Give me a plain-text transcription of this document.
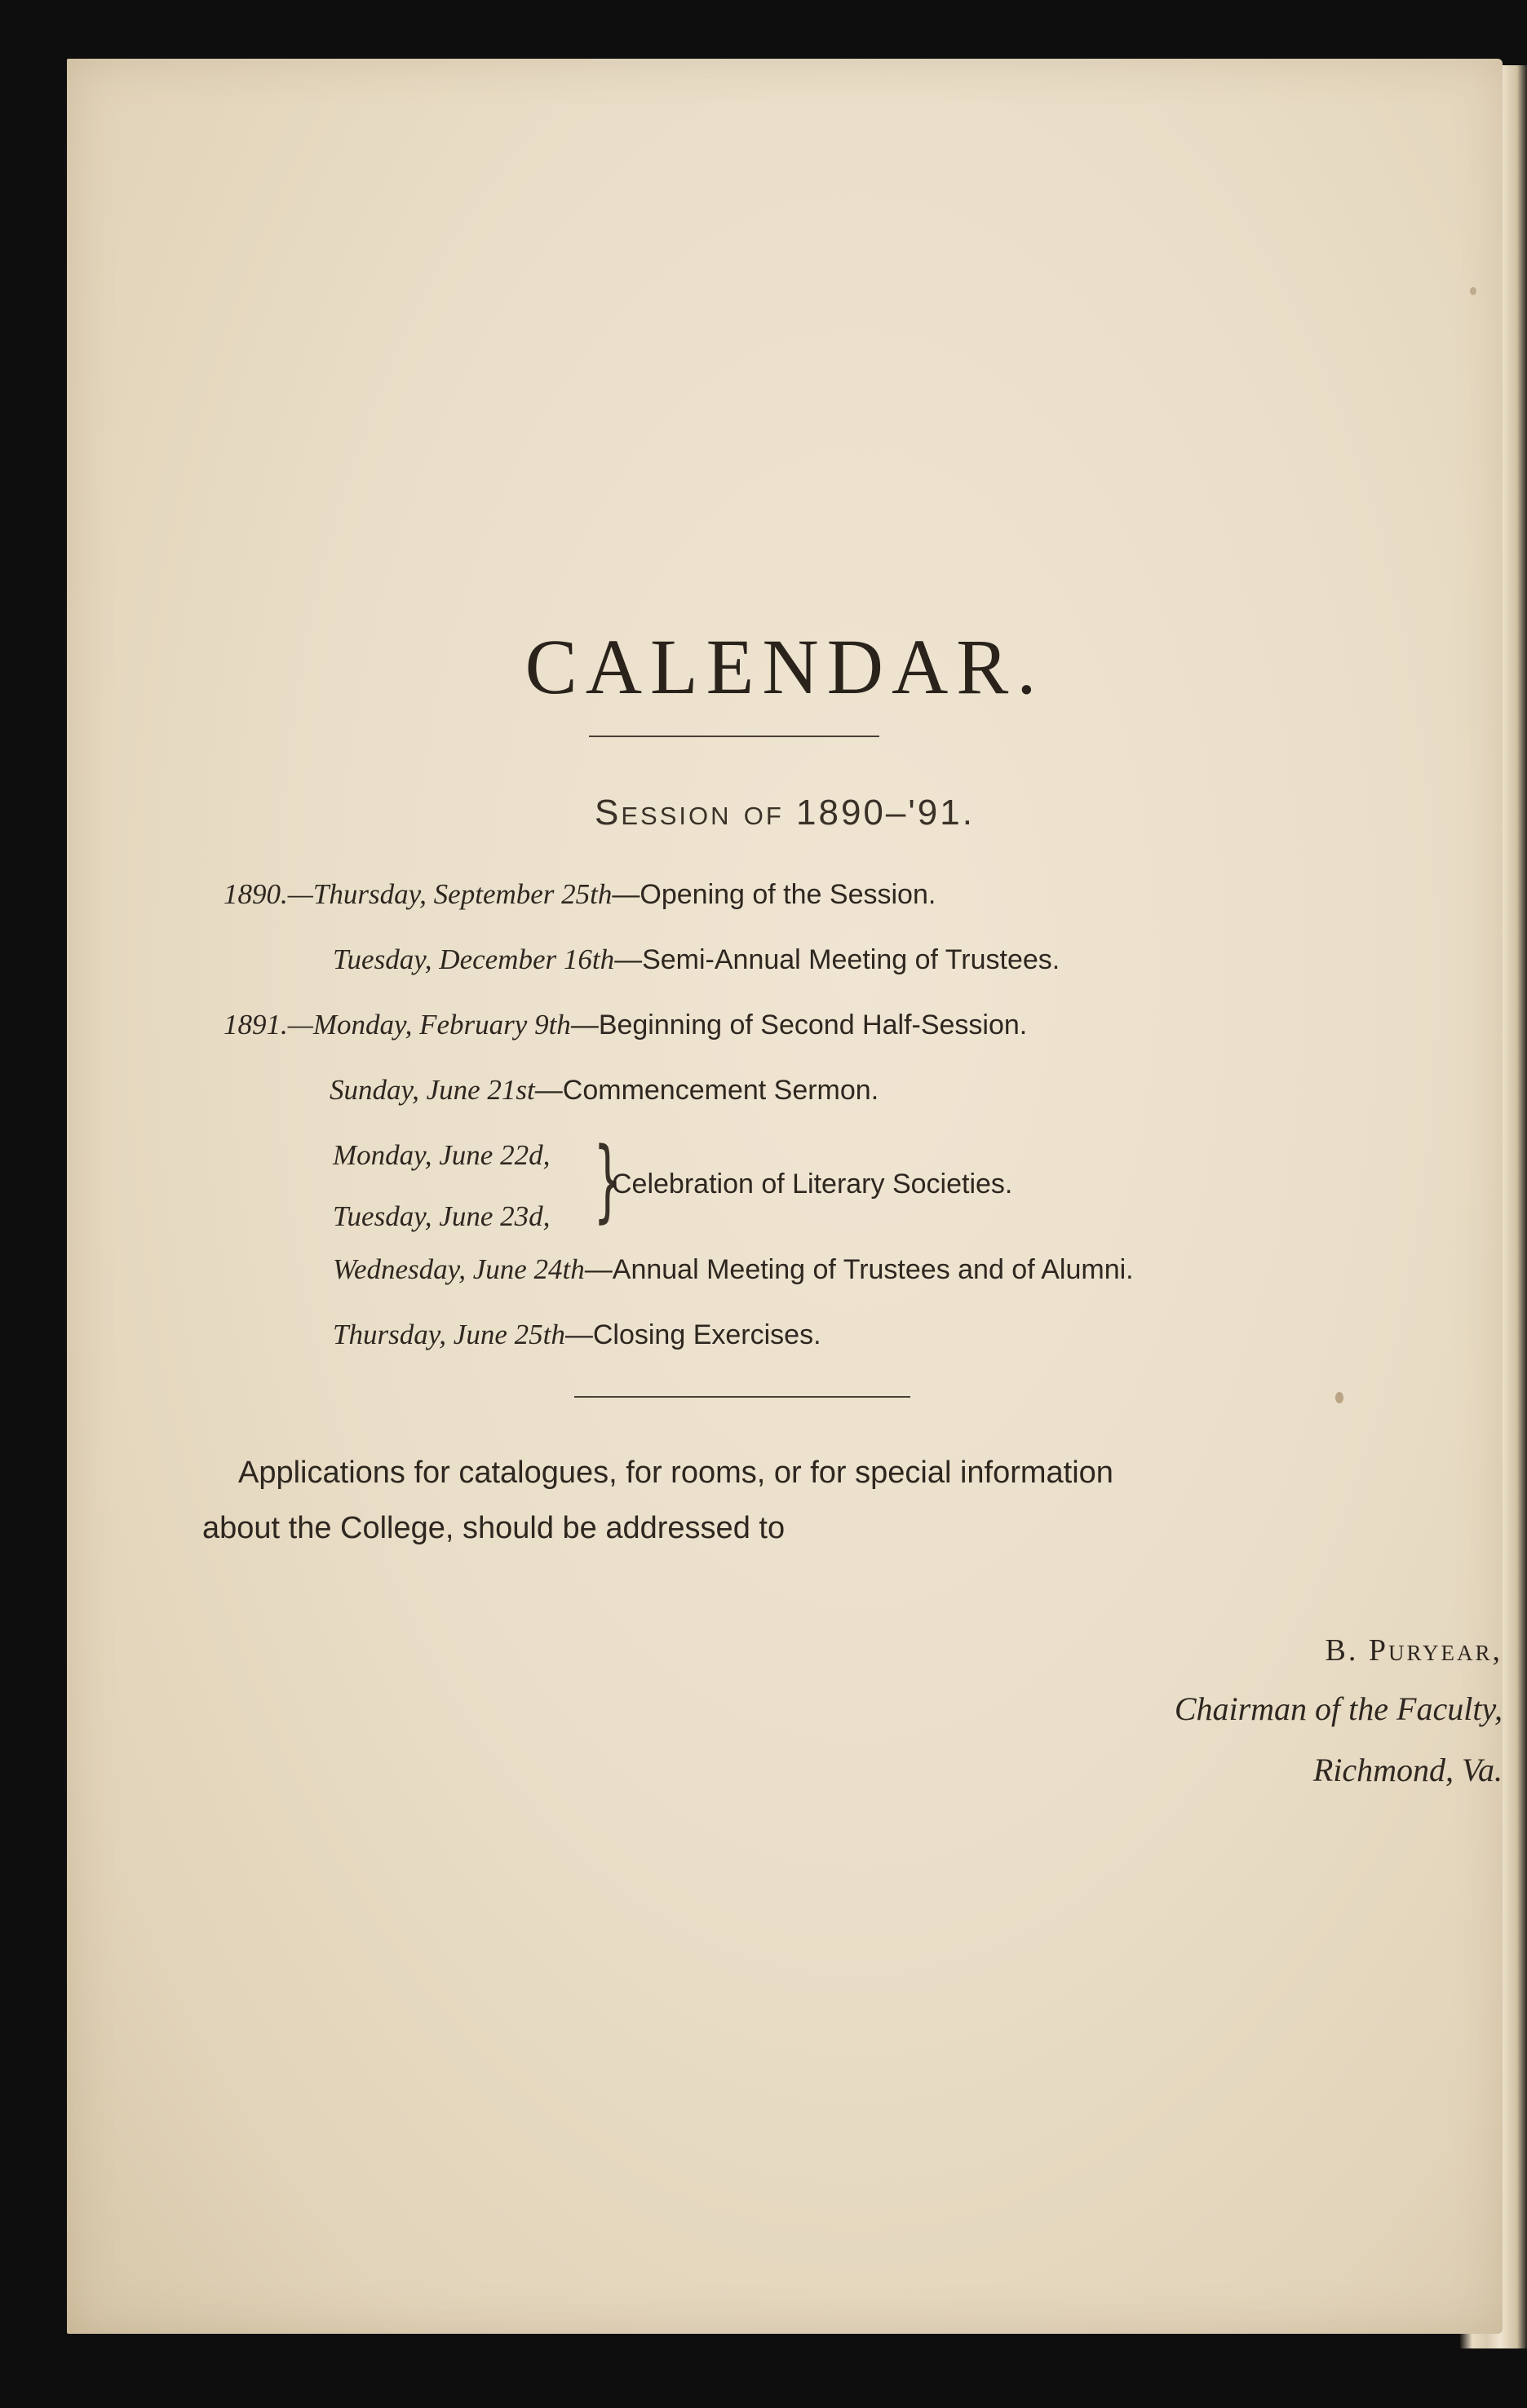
CALENDAR.
Session of 1890–'91.
1890.—Thursday, September 25th—Opening of the Session.
Tuesday, December 16th—Semi-Annual Meeting of Trustees.
1891.—Monday, February 9th—Beginning of Second Half-Session.
Sunday, June 21st—Commencement Sermon.
Monday, June 22d,
Tuesday, June 23d, }
Celebration of Literary Societies.
Wednesday, June 24th—Annual Meeting of Trustees and of Alumni.
Thursday, June 25th—Closing Exercises.

Applications for catalogues, for rooms, or for special information

about the College, should be addressed to

B. Puryear,
Chairman of the Faculty,
Richmond, Va.
